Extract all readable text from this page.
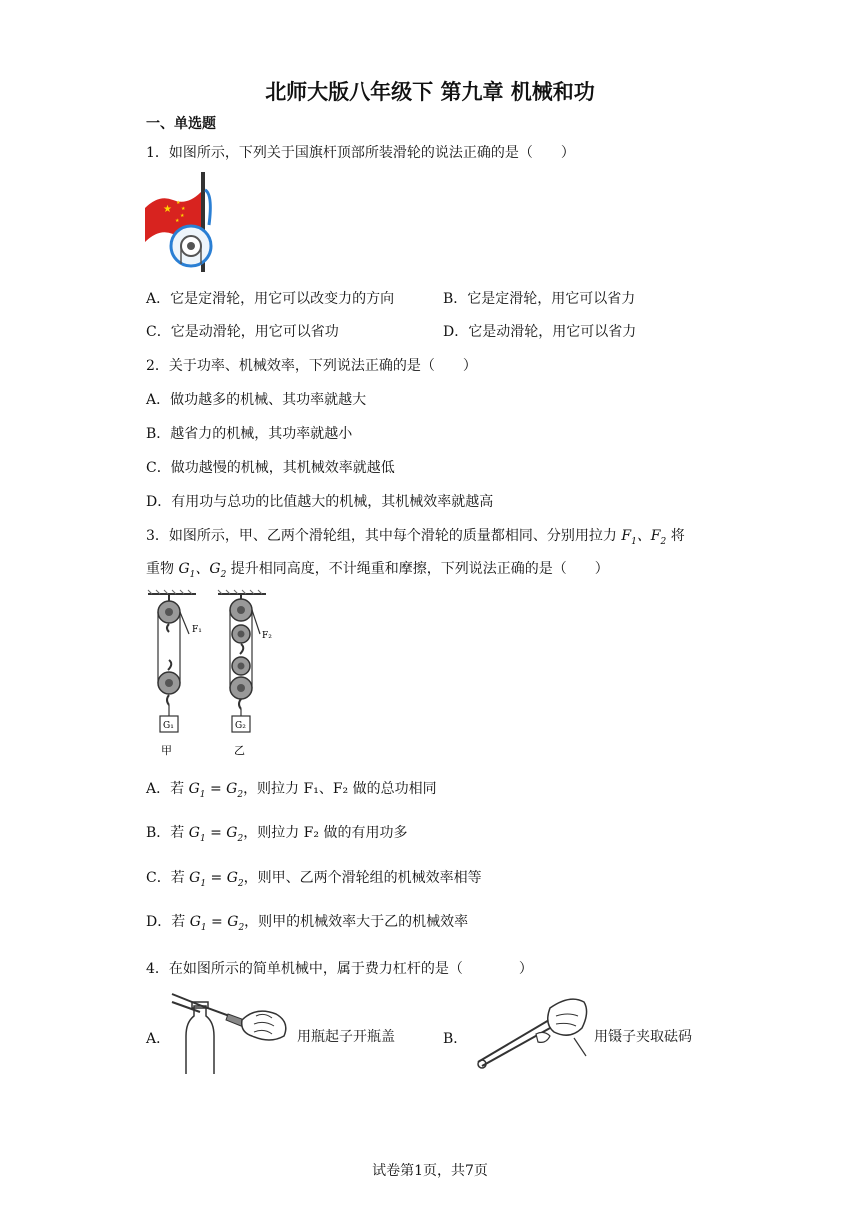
北师大版八年级下 第九章 机械和功
一、单选题
1．如图所示，下列关于国旗杆顶部所装滑轮的说法正确的是（　　）
★
★
★
★
★
A．它是定滑轮，用它可以改变力的方向	B．它是定滑轮，用它可以省力
C．它是动滑轮，用它可以省功	D．它是动滑轮，用它可以省力
2．关于功率、机械效率，下列说法正确的是（　　）
A．做功越多的机械、其功率就越大
B．越省力的机械，其功率就越小
C．做功越慢的机械，其机械效率就越低
D．有用功与总功的比值越大的机械，其机械效率就越高
3．如图所示，甲、乙两个滑轮组，其中每个滑轮的质量都相同、分别用拉力 $F_1$、$F_2$ 将
重物 $G_1$、$G_2$ 提升相同高度，不计绳重和摩擦，下列说法正确的是（　　）
G₁
F₁
甲
G₂
F₂
乙
A．若 $G_1 = G_2$，则拉力 F₁、F₂ 做的总功相同
B．若 $G_1 = G_2$，则拉力 F₂ 做的有用功多
C．若 $G_1 = G_2$，则甲、乙两个滑轮组的机械效率相等
D．若 $G_1 = G_2$，则甲的机械效率大于乙的机械效率
4．在如图所示的简单机械中，属于费力杠杆的是（　　　　）
A．	用瓶起子开瓶盖	B．	用镊子夹取砝码
试卷第1页，共7页
